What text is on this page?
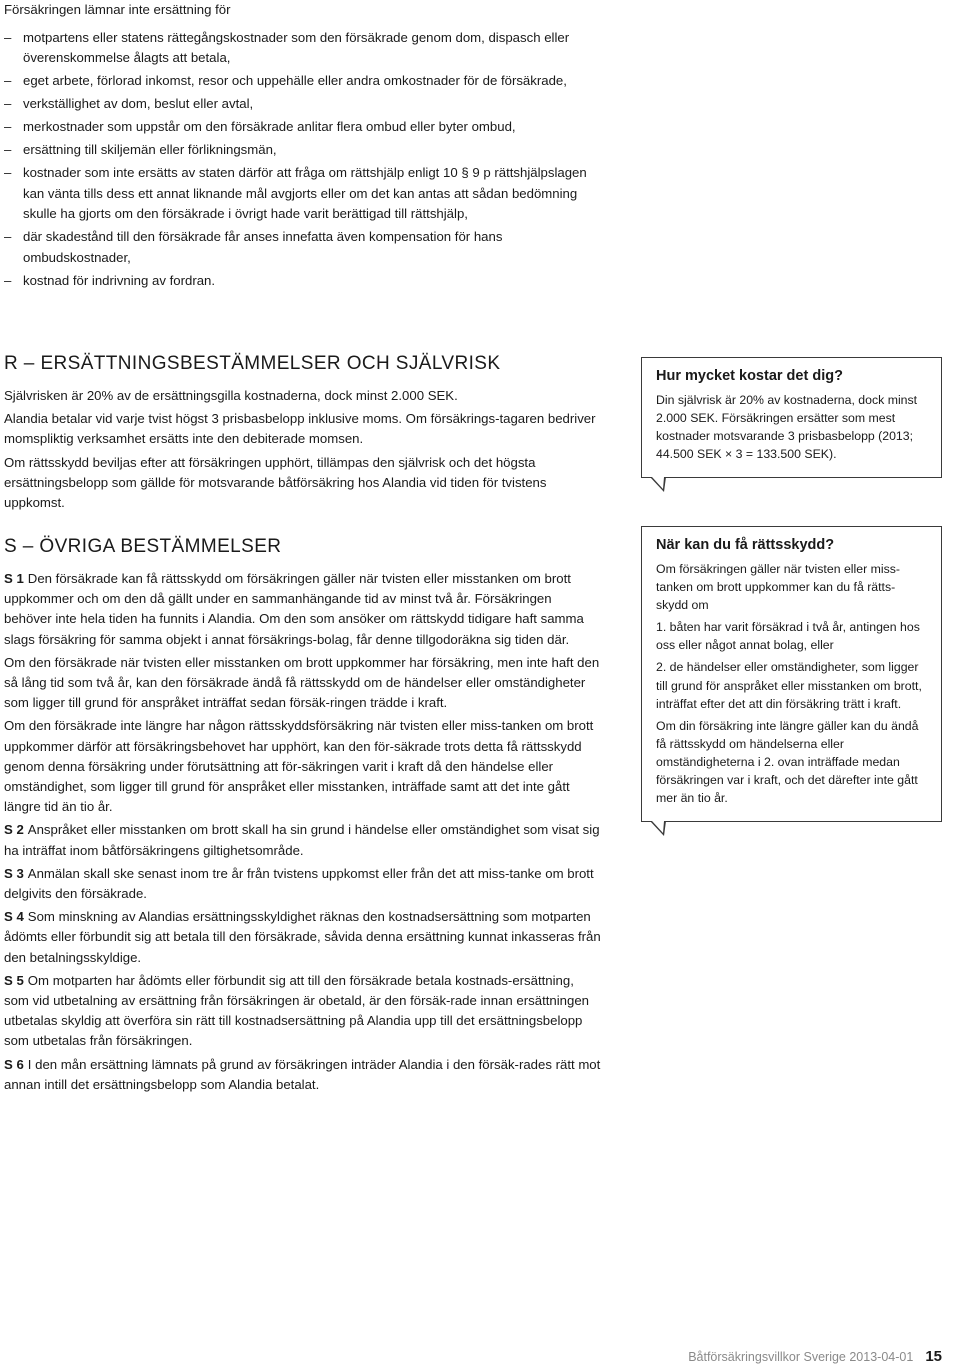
Försäkringen lämnar inte ersättning för

– motpartens eller statens rättegångskostnader som den försäkrade genom dom, dispasch eller överenskommelse ålagts att betala,
– eget arbete, förlorad inkomst, resor och uppehälle eller andra omkostnader för de försäkrade,
– verkställighet av dom, beslut eller avtal,
– merkostnader som uppstår om den försäkrade anlitar flera ombud eller byter ombud,
– ersättning till skiljemän eller förlikningsmän,
– kostnader som inte ersätts av staten därför att fråga om rättshjälp enligt 10 § 9 p rättshjälpslagen kan vänta tills dess ett annat liknande mål avgjorts eller om det kan antas att sådan bedömning skulle ha gjorts om den försäkrade i övrigt hade varit berättigad till rättshjälp,
– där skadestånd till den försäkrade får anses innefatta även kompensation för hans ombudskostnader,
– kostnad för indrivning av fordran.
R – ERSÄTTNINGSBESTÄMMELSER OCH SJÄLVRISK

Självrisken är 20% av de ersättningsgilla kostnaderna, dock minst 2.000 SEK.

Alandia betalar vid varje tvist högst 3 prisbasbelopp inklusive moms. Om försäkrings-tagaren bedriver momspliktig verksamhet ersätts inte den debiterade momsen.

Om rättsskydd beviljas efter att försäkringen upphört, tillämpas den självrisk och det högsta ersättningsbelopp som gällde för motsvarande båtförsäkring hos Alandia vid tiden för tvistens uppkomst.

S – ÖVRIGA BESTÄMMELSER

S 1 Den försäkrade kan få rättsskydd om försäkringen gäller när tvisten eller misstanken om brott uppkommer och om den då gällt under en sammanhängande tid av minst två år. Försäkringen behöver inte hela tiden ha funnits i Alandia. Om den som ansöker om rättskydd tidigare haft samma slags försäkring för samma objekt i annat försäkrings-bolag, får denne tillgodoräkna sig tiden där.

Om den försäkrade när tvisten eller misstanken om brott uppkommer har försäkring, men inte haft den så lång tid som två år, kan den försäkrade ändå få rättsskydd om de händelser eller omständigheter som ligger till grund för anspråket inträffat sedan försäk-ringen trädde i kraft.

Om den försäkrade inte längre har någon rättsskyddsförsäkring när tvisten eller miss-tanken om brott uppkommer därför att försäkringsbehovet har upphört, kan den för-säkrade trots detta få rättsskydd genom denna försäkring under förutsättning att för-säkringen varit i kraft då den händelse eller omständighet, som ligger till grund för anspråket eller misstanken, inträffade samt att det inte gått längre tid än tio år.

S 2 Anspråket eller misstanken om brott skall ha sin grund i händelse eller omständighet som visat sig ha inträffat inom båtförsäkringens giltighetsområde.

S 3 Anmälan skall ske senast inom tre år från tvistens uppkomst eller från det att miss-tanke om brott delgivits den försäkrade.

S 4 Som minskning av Alandias ersättningsskyldighet räknas den kostnadsersättning som motparten ådömts eller förbundit sig att betala till den försäkrade, såvida denna ersättning kunnat inkasseras från den betalningsskyldige.

S 5 Om motparten har ådömts eller förbundit sig att till den försäkrade betala kostnads-ersättning, som vid utbetalning av ersättning från försäkringen är obetald, är den försäk-rade innan ersättningen utbetalas skyldig att överföra sin rätt till kostnadsersättning på Alandia upp till det ersättningsbelopp som utbetalas från försäkringen.

S 6 I den mån ersättning lämnats på grund av försäkringen inträder Alandia i den försäk-rades rätt mot annan intill det ersättningsbelopp som Alandia betalat.

Hur mycket kostar det dig?

Din självrisk är 20% av kostnaderna, dock minst 2.000 SEK. Försäkringen ersätter som mest kostnader motsvarande 3 prisbasbelopp (2013; 44.500 SEK × 3 = 133.500 SEK).

När kan du få rättsskydd?

Om försäkringen gäller när tvisten eller miss-tanken om brott uppkommer kan du få rätts-skydd om

1. båten har varit försäkrad i två år, antingen hos oss eller något annat bolag, eller

2. de händelser eller omständigheter, som ligger till grund för anspråket eller misstanken om brott, inträffat efter det att din försäkring trätt i kraft.

Om din försäkring inte längre gäller kan du ändå få rättsskydd om händelserna eller omständigheterna i 2. ovan inträffade medan försäkringen var i kraft, och det därefter inte gått mer än tio år.

Båtförsäkringsvillkor Sverige 2013-04-01 15
